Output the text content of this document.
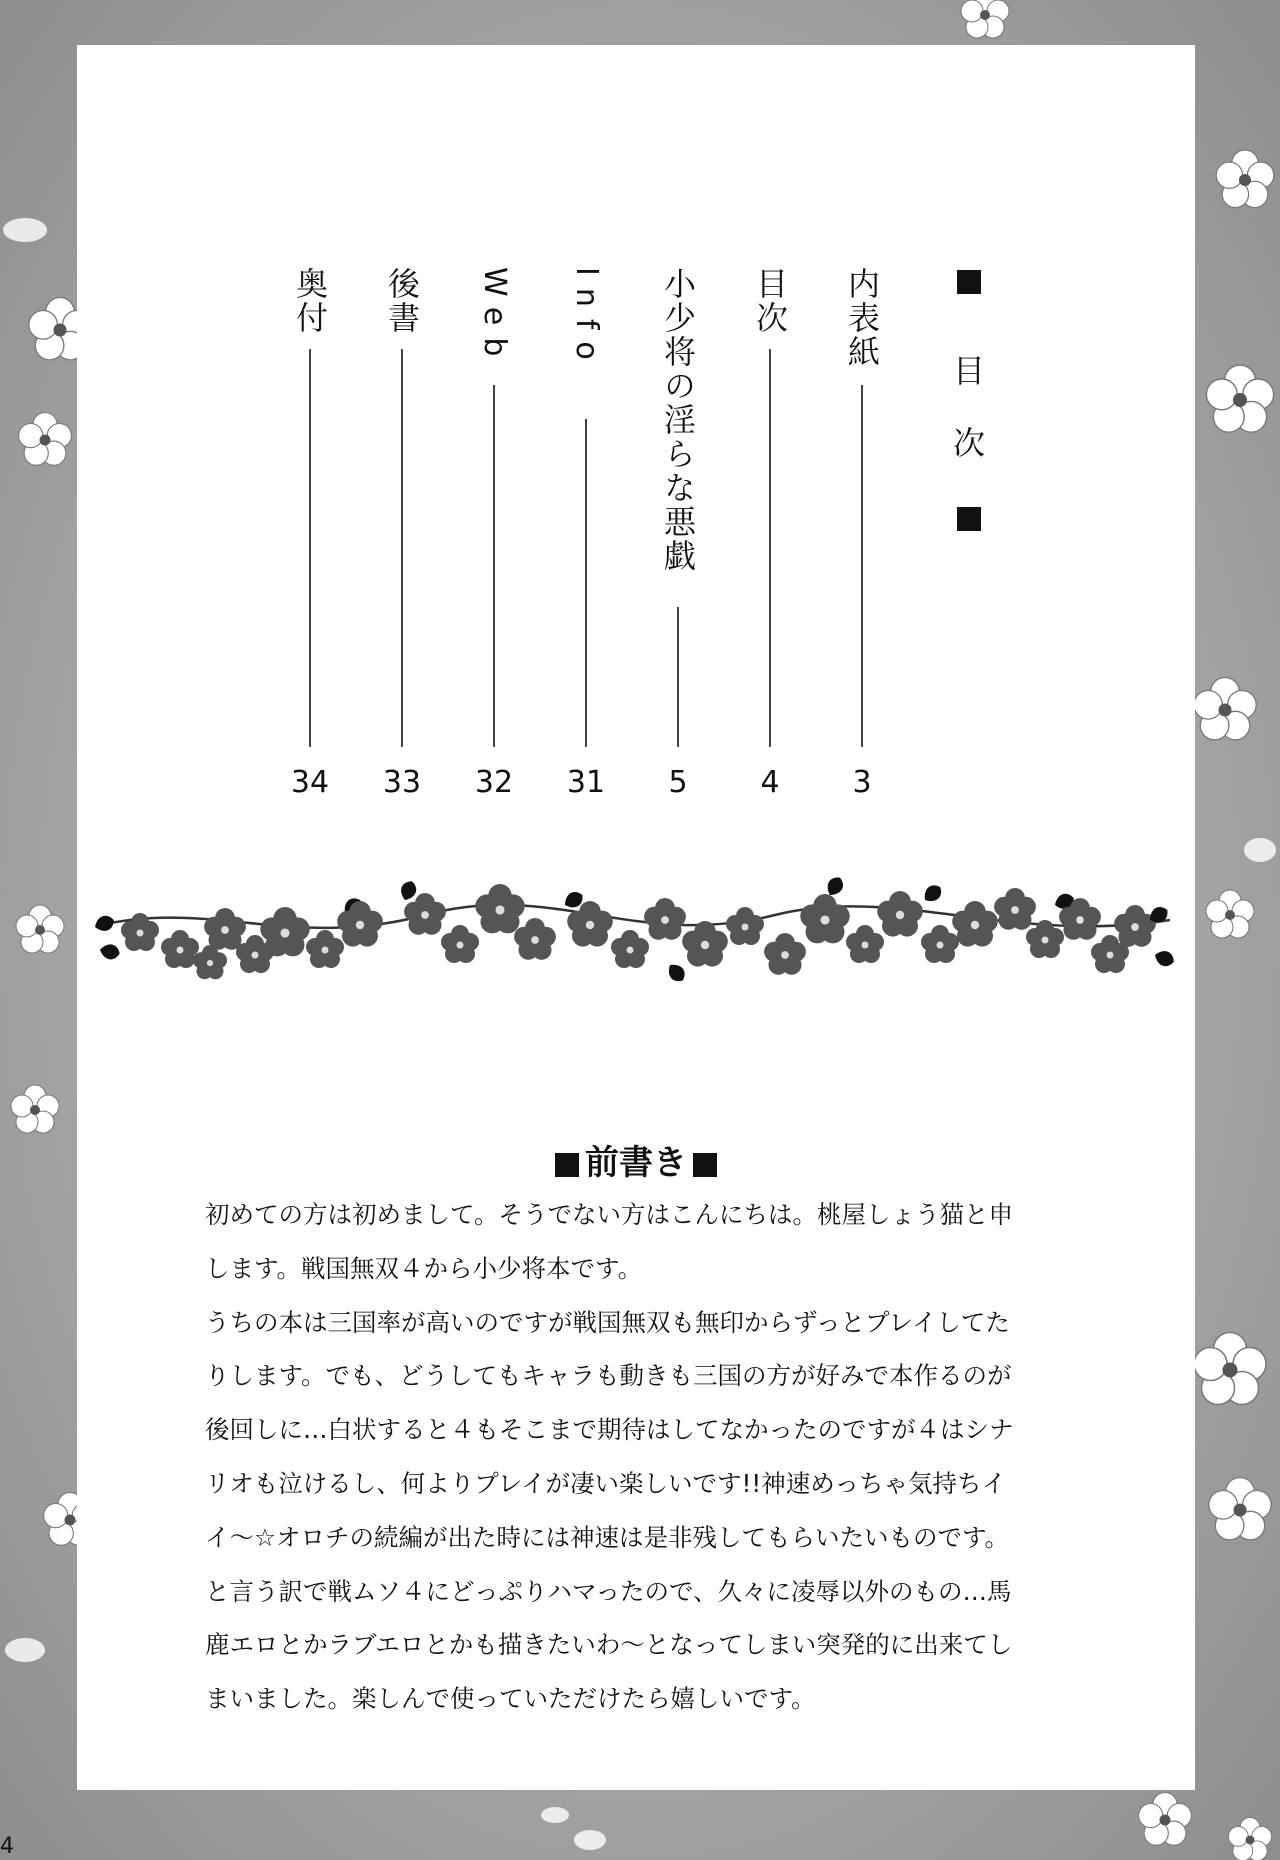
目
次
内表紙
3
目次
4
小少将の淫らな悪戯
5
Info
31
Web
32
後書
33
奥付
34
前書き

初めての方は初めまして。そうでない方はこんにちは。桃屋しょう猫と申

します。戦国無双４から小少将本です。

うちの本は三国率が高いのですが戦国無双も無印からずっとプレイしてた

りします。でも、どうしてもキャラも動きも三国の方が好みで本作るのが

後回しに…白状すると４もそこまで期待はしてなかったのですが４はシナ

リオも泣けるし、何よりプレイが凄い楽しいです!!神速めっちゃ気持ちイ

イ～☆オロチの続編が出た時には神速は是非残してもらいたいものです。

と言う訳で戦ムソ４にどっぷりハマったので、久々に凌辱以外のもの…馬

鹿エロとかラブエロとかも描きたいわ～となってしまい突発的に出来てし

まいました。楽しんで使っていただけたら嬉しいです。

4
